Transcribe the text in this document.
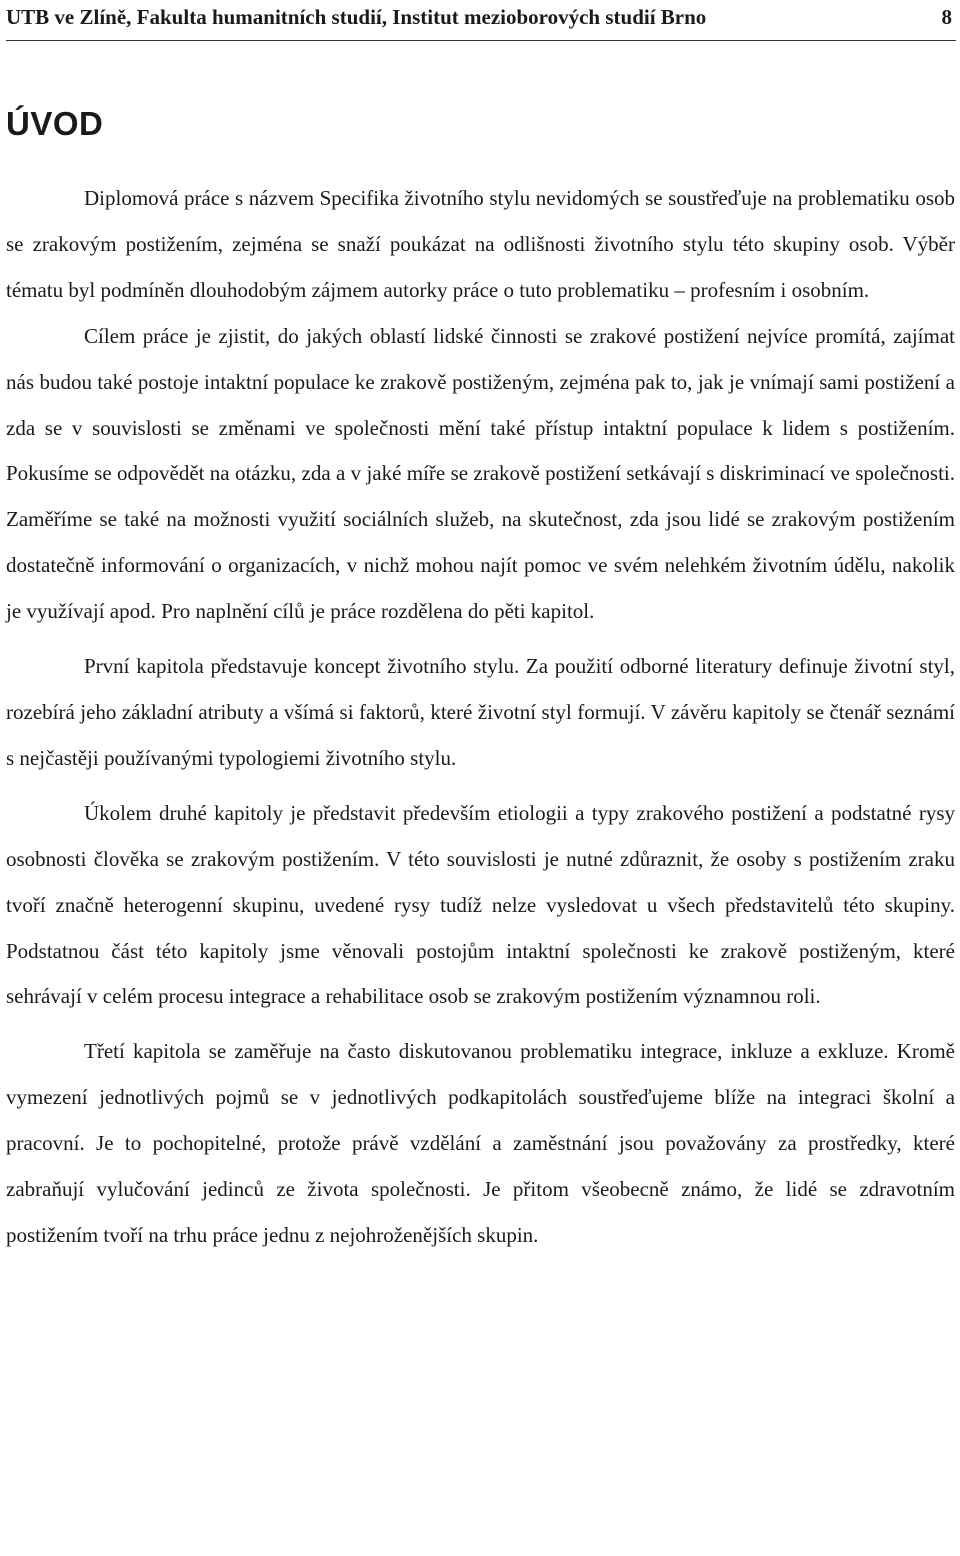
UTB ve Zlíně, Fakulta humanitních studií, Institut mezioborových studií Brno	8
ÚVOD

Diplomová práce s názvem Specifika životního stylu nevidomých se soustřeďuje na problematiku osob se zrakovým postižením, zejména se snaží poukázat na odlišnosti životního stylu této skupiny osob. Výběr tématu byl podmíněn dlouhodobým zájmem autorky práce o tuto problematiku – profesním i osobním.

Cílem práce je zjistit, do jakých oblastí lidské činnosti se zrakové postižení nejvíce promítá, zajímat nás budou také postoje intaktní populace ke zrakově postiženým, zejména pak to, jak je vnímají sami postižení a zda se v souvislosti se změnami ve společnosti mění také přístup intaktní populace k lidem s postižením. Pokusíme se odpovědět na otázku, zda a v jaké míře se zrakově postižení setkávají s diskriminací ve společnosti. Zaměříme se také na možnosti využití sociálních služeb, na skutečnost, zda jsou lidé se zrakovým postižením dostatečně informování o organizacích, v nichž mohou najít pomoc ve svém nelehkém životním údělu, nakolik je využívají apod. Pro naplnění cílů je práce rozdělena do pěti kapitol.

První kapitola představuje koncept životního stylu. Za použití odborné literatury definuje životní styl, rozebírá jeho základní atributy a všímá si faktorů, které životní styl formují. V závěru kapitoly se čtenář seznámí s nejčastěji používanými typologiemi životního stylu.

Úkolem druhé kapitoly je představit především etiologii a typy zrakového postižení a podstatné rysy osobnosti člověka se zrakovým postižením. V této souvislosti je nutné zdůraznit, že osoby s postižením zraku tvoří značně heterogenní skupinu, uvedené rysy tudíž nelze vysledovat u všech představitelů této skupiny. Podstatnou část této kapitoly jsme věnovali postojům intaktní společnosti ke zrakově postiženým, které sehrávají v celém procesu integrace a rehabilitace osob se zrakovým postižením významnou roli.

Třetí kapitola se zaměřuje na často diskutovanou problematiku integrace, inkluze a exkluze. Kromě vymezení jednotlivých pojmů se v jednotlivých podkapitolách soustřeďujeme blíže na integraci školní a pracovní. Je to pochopitelné, protože právě vzdělání a zaměstnání jsou považovány za prostředky, které zabraňují vylučování jedinců ze života společnosti. Je přitom všeobecně známo, že lidé se zdravotním postižením tvoří na trhu práce jednu z nejohroženějších skupin.
